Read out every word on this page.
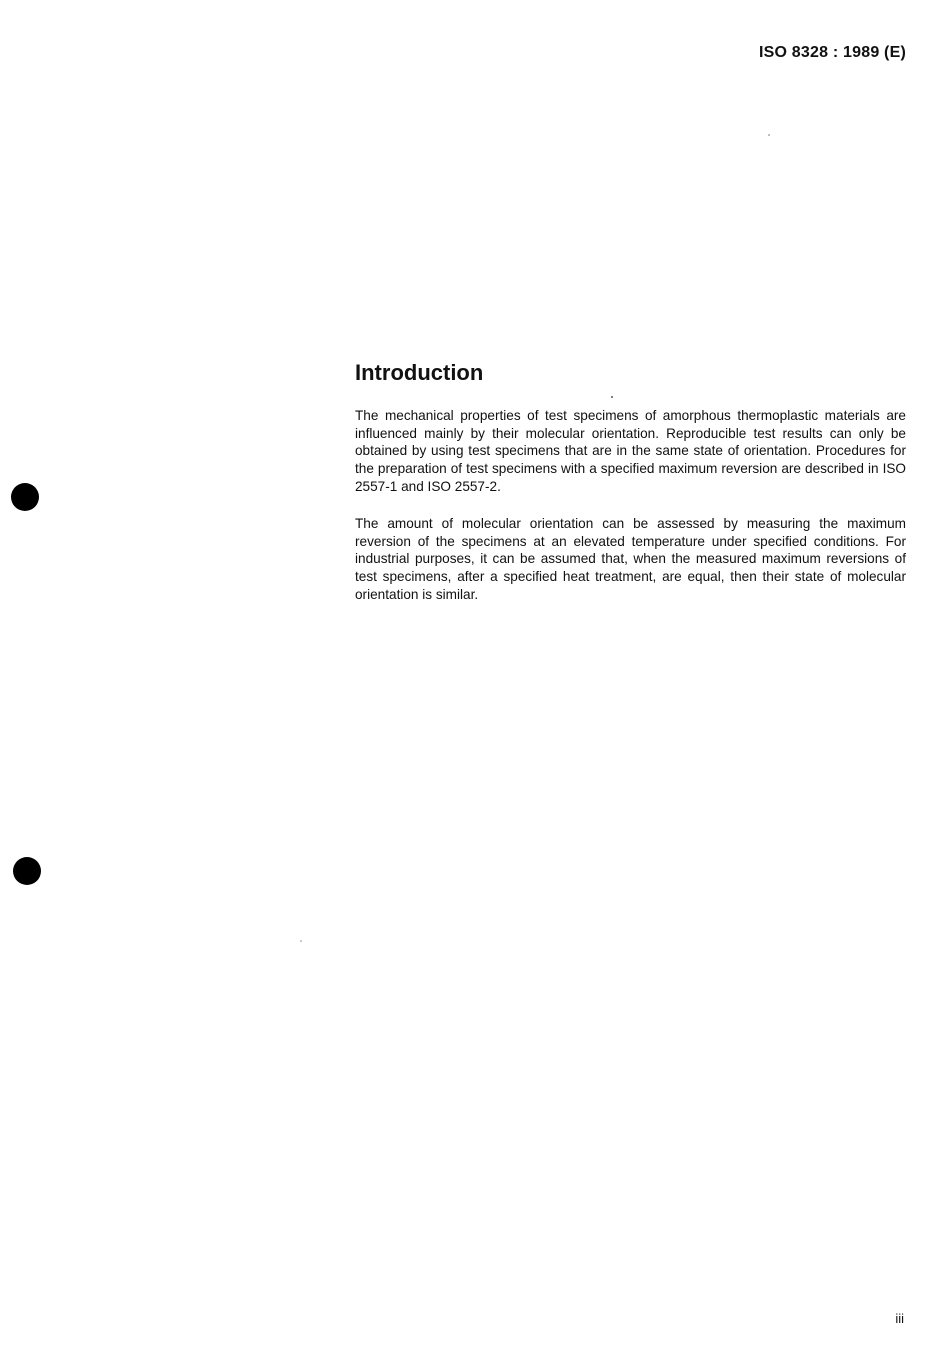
ISO 8328 : 1989 (E)
Introduction

The mechanical properties of test specimens of amorphous thermoplastic materials are influenced mainly by their molecular orientation. Reproducible test results can only be obtained by using test specimens that are in the same state of orientation. Procedures for the preparation of test specimens with a specified maximum reversion are described in ISO 2557-1 and ISO 2557-2.

The amount of molecular orientation can be assessed by measuring the maximum reversion of the specimens at an elevated temperature under specified conditions. For industrial purposes, it can be assumed that, when the measured maximum reversions of test specimens, after a specified heat treatment, are equal, then their state of molecular orientation is similar.

iii
